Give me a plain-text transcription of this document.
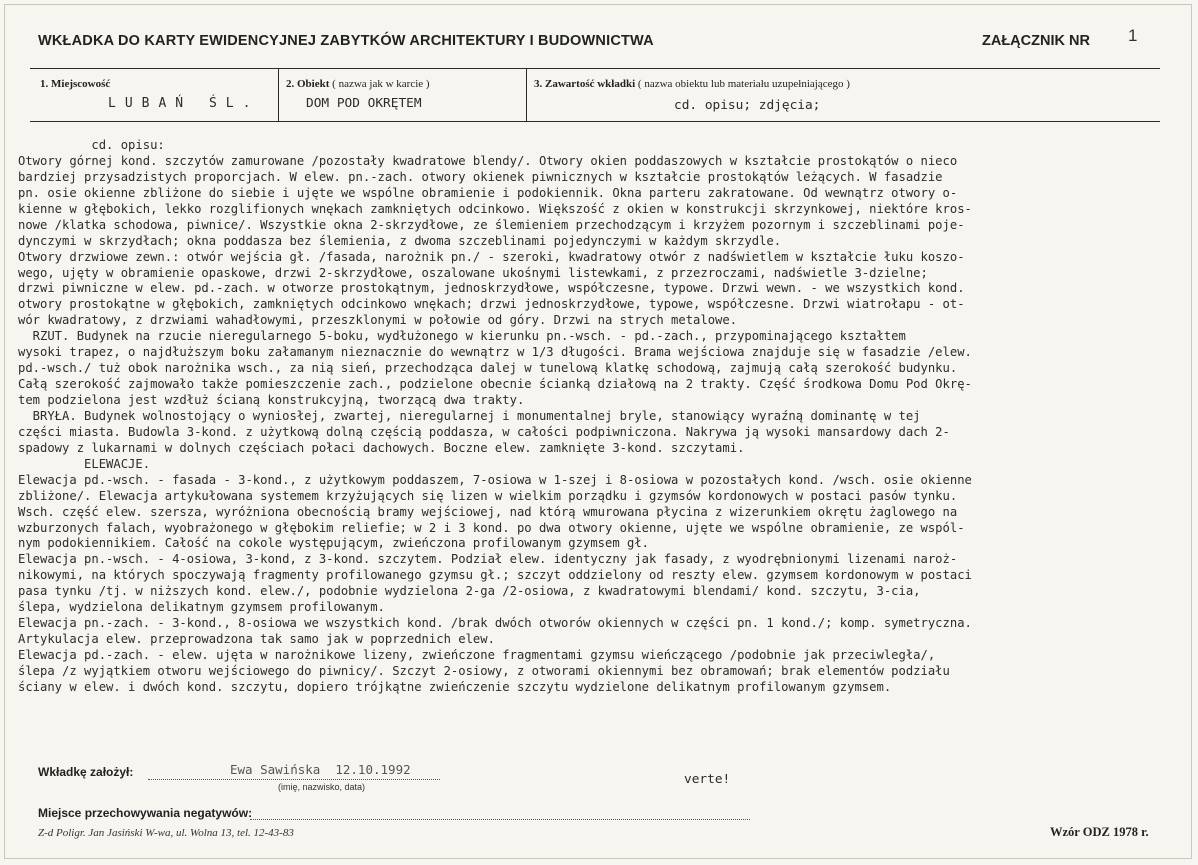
WKŁADKA DO KARTY EWIDENCYJNEJ ZABYTKÓW ARCHITEKTURY I BUDOWNICTWA	ZAŁĄCZNIK NR 1
1. Miejscowość
LUBAŃ ŚL.
2. Obiekt ( nazwa jak w karcie )
DOM POD OKRĘTEM
3. Zawartość wkładki ( nazwa obiektu lub materiału uzupełniającego )
cd. opisu; zdjęcia;
cd. opisu:
Otwory górnej kond. szczytów zamurowane /pozostały kwadratowe blendy/. Otwory okien poddaszowych w kształcie prostokątów o nieco
bardziej przysadzistych proporcjach. W elew. pn.-zach. otwory okienek piwnicznych w kształcie prostokątów leżących. W fasadzie
pn. osie okienne zbliżone do siebie i ujęte we wspólne obramienie i podokiennik. Okna parteru zakratowane. Od wewnątrz otwory o-
kienne w głębokich, lekko rozglifionych wnękach zamkniętych odcinkowo. Większość z okien w konstrukcji skrzynkowej, niektóre kros-
nowe /klatka schodowa, piwnice/. Wszystkie okna 2-skrzydłowe, ze ślemieniem przechodzącym i krzyżem pozornym i szczeblinami poje-
dynczymi w skrzydłach; okna poddasza bez ślemienia, z dwoma szczeblinami pojedynczymi w każdym skrzydle.
Otwory drzwiowe zewn.: otwór wejścia gł. /fasada, narożnik pn./ - szeroki, kwadratowy otwór z nadświetlem w kształcie łuku koszo-
wego, ujęty w obramienie opaskowe, drzwi 2-skrzydłowe, oszalowane ukośnymi listewkami, z przezroczami, nadświetle 3-dzielne;
drzwi piwniczne w elew. pd.-zach. w otworze prostokątnym, jednoskrzydłowe, współczesne, typowe. Drzwi wewn. - we wszystkich kond.
otwory prostokątne w głębokich, zamkniętych odcinkowo wnękach; drzwi jednoskrzydłowe, typowe, współczesne. Drzwi wiatrołapu - ot-
wór kwadratowy, z drzwiami wahadłowymi, przeszklonymi w połowie od góry. Drzwi na strych metalowe.
RZUT. Budynek na rzucie nieregularnego 5-boku, wydłużonego w kierunku pn.-wsch. - pd.-zach., przypominającego kształtem
wysoki trapez, o najdłuższym boku załamanym nieznacznie do wewnątrz w 1/3 długości. Brama wejściowa znajduje się w fasadzie /elew.
pd.-wsch./ tuż obok narożnika wsch., za nią sień, przechodząca dalej w tunelową klatkę schodową, zajmują całą szerokość budynku.
Całą szerokość zajmowało także pomieszczenie zach., podzielone obecnie ścianką działową na 2 trakty. Część środkowa Domu Pod Okrę-
tem podzielona jest wzdłuż ścianą konstrukcyjną, tworzącą dwa trakty.
BRYŁA. Budynek wolnostojący o wyniosłej, zwartej, nieregularnej i monumentalnej bryle, stanowiący wyraźną dominantę w tej
części miasta. Budowla 3-kond. z użytkową dolną częścią poddasza, w całości podpiwniczona. Nakrywa ją wysoki mansardowy dach 2-
spadowy z lukarnami w dolnych częściach połaci dachowych. Boczne elew. zamknięte 3-kond. szczytami.
ELEWACJE.
Elewacja pd.-wsch. - fasada - 3-kond., z użytkowym poddaszem, 7-osiowa w 1-szej i 8-osiowa w pozostałych kond. /wsch. osie okienne
zbliżone/. Elewacja artykułowana systemem krzyżujących się lizen w wielkim porządku i gzymsów kordonowych w postaci pasów tynku.
Wsch. część elew. szersza, wyróżniona obecnością bramy wejściowej, nad którą wmurowana płycina z wizerunkiem okrętu żaglowego na
wzburzonych falach, wyobrażonego w głębokim reliefie; w 2 i 3 kond. po dwa otwory okienne, ujęte we wspólne obramienie, ze wspól-
nym podokiennikiem. Całość na cokole występującym, zwieńczona profilowanym gzymsem gł.
Elewacja pn.-wsch. - 4-osiowa, 3-kond, z 3-kond. szczytem. Podział elew. identyczny jak fasady, z wyodrębnionymi lizenami naroż-
nikowymi, na których spoczywają fragmenty profilowanego gzymsu gł.; szczyt oddzielony od reszty elew. gzymsem kordonowym w postaci
pasa tynku /tj. w niższych kond. elew./, podobnie wydzielona 2-ga /2-osiowa, z kwadratowymi blendami/ kond. szczytu, 3-cia,
ślepa, wydzielona delikatnym gzymsem profilowanym.
Elewacja pn.-zach. - 3-kond., 8-osiowa we wszystkich kond. /brak dwóch otworów okiennych w części pn. 1 kond./; komp. symetryczna.
Artykulacja elew. przeprowadzona tak samo jak w poprzednich elew.
Elewacja pd.-zach. - elew. ujęta w narożnikowe lizeny, zwieńczone fragmentami gzymsu wieńczącego /podobnie jak przeciwległa/,
ślepa /z wyjątkiem otworu wejściowego do piwnicy/. Szczyt 2-osiowy, z otworami okiennymi bez obramowań; brak elementów podziału
ściany w elew. i dwóch kond. szczytu, dopiero trójkątne zwieńczenie szczytu wydzielone delikatnym profilowanym gzymsem.
Wkładkę założył:	Ewa Sawińska  12.10.1992
(imię, nazwisko, data)	verte!
Miejsce przechowywania negatywów:
Z-d Poligr. Jan Jasiński W-wa, ul. Wolna 13, tel. 12-43-83	Wzór ODZ 1978 r.
